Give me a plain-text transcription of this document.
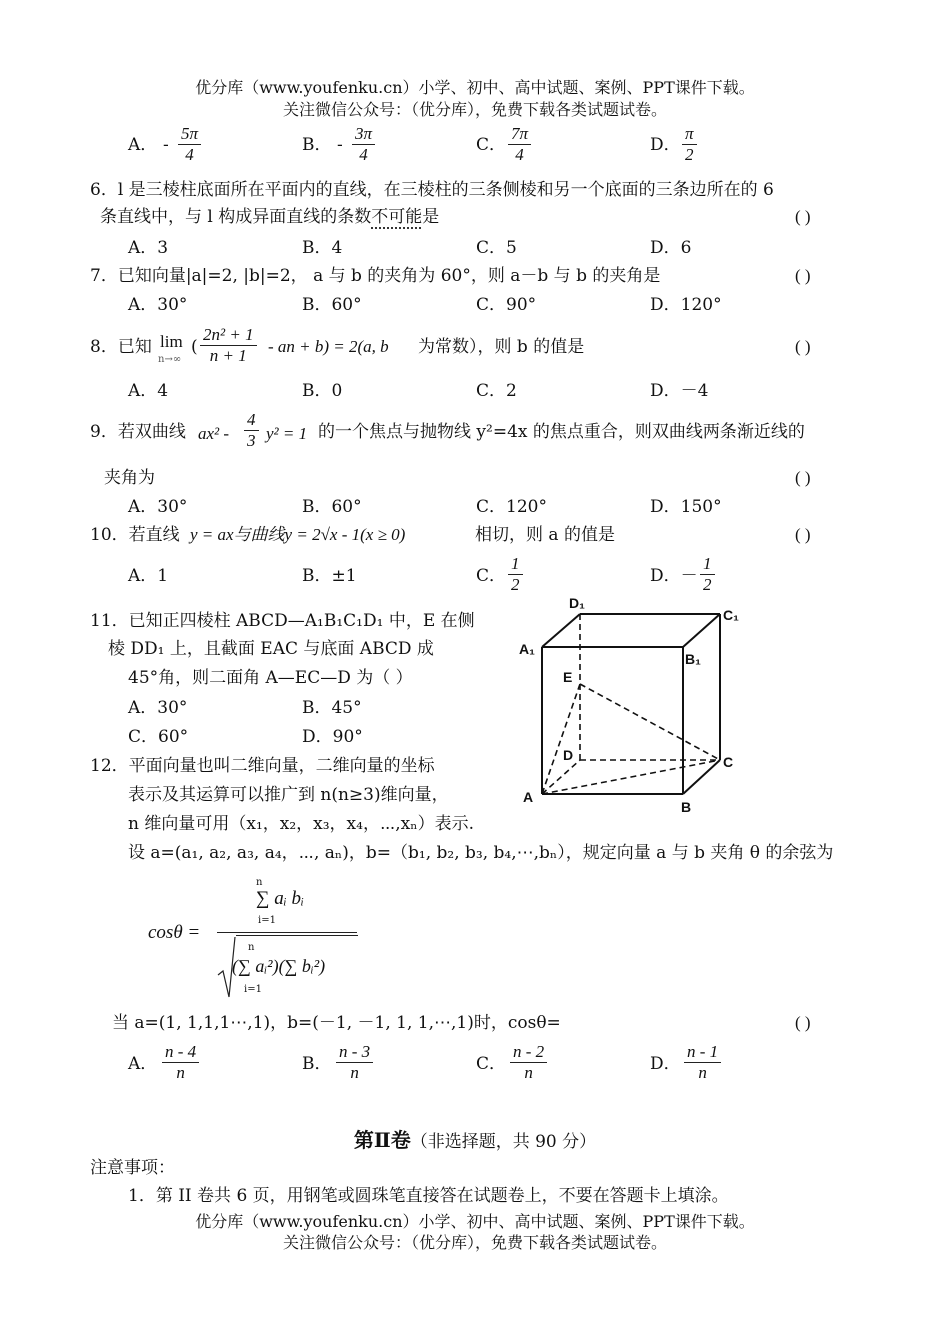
优分库（www.youfenku.cn）小学、初中、高中试题、案例、PPT课件下载。
关注微信公众号：（优分库），免费下载各类试题试卷。
A． - $\frac{5\pi}{4}$	B． - $\frac{3\pi}{4}$	C． $\frac{7\pi}{4}$	D． $\frac{\pi}{2}$
6．l 是三棱柱底面所在平面内的直线，在三棱柱的三条侧棱和另一个底面的三条边所在的 6
条直线中，与 l 构成异面直线的条数不可能是	( )
A．3	B．4	C．5	D．6
7．已知向量|a|=2, |b|=2， a 与 b 的夹角为 60°，则 a－b 与 b 的夹角是	( )
A．30°	B．60°	C．90°	D．120°
8．已知 lim
n→∞
( $\frac{\text{2n² + 1}}{n + 1}$ - an + b) = 2(a, b 为常数），则 b 的值是	( )
A．4	B．0	C．2	D．－4
9．若双曲线 $ax^2 - \frac{4}{3} y^2 = 1$ 的一个焦点与抛物线 y²=4x 的焦点重合，则双曲线两条渐近线的
夹角为	( )
A．30°	B．60°	C．120°	D．150°
10．若直线 y = ax与曲线y = 2√x - 1(x ≥ 0)	相切，则 a 的值是	( )
A．1	B．±1	C． $\frac{1}{2}$	D．－ $\frac{1}{2}$
11．已知正四棱柱 ABCD—A₁B₁C₁D₁ 中，E 在侧
棱 DD₁ 上，且截面 EAC 与底面 ABCD 成
45°角，则二面角 A—EC—D 为（ ）
A．30°	B．45°
C．60°	D．90°
D₁
C₁
A₁
B₁
E
D	C
A
B
12．平面向量也叫二维向量，二维向量的坐标
表示及其运算可以推广到 n(n≥3)维向量，
n 维向量可用（x₁，x₂，x₃，x₄，⋯,xₙ）表示.
设 a=(a₁, a₂, a₃, a₄，⋯, aₙ)，b=（b₁, b₂, b₃, b₄,⋯,bₙ），规定向量 a 与 b 夹角 θ 的余弦为
cosθ =
n
∑ aᵢ bᵢ
i=1
n
(∑ aᵢ²)(∑ bᵢ²)
i=1
当 a=(1, 1,1,1⋯,1)，b=(－1, －1, 1, 1,⋯,1)时，cosθ=	( )
A． $\frac{n - 4}{n}$	B． $\frac{n - 3}{n}$	C． $\frac{n - 2}{n}$	D． $\frac{n - 1}{n}$
第Ⅱ卷（非选择题，共 90 分）
注意事项：
1．第 II 卷共 6 页，用钢笔或圆珠笔直接答在试题卷上，不要在答题卡上填涂。
优分库（www.youfenku.cn）小学、初中、高中试题、案例、PPT课件下载。
关注微信公众号：（优分库），免费下载各类试题试卷。
